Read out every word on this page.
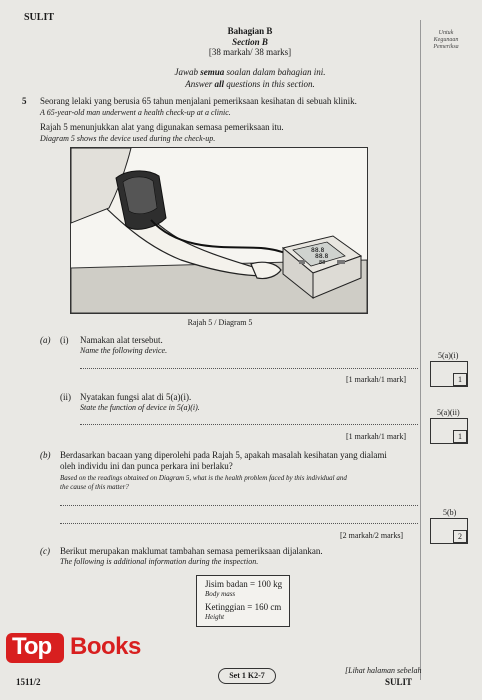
SULIT
Bahagian B
Section B
[38 markah/ 38 marks]
Jawab semua soalan dalam bahagian ini.
Answer all questions in this section.
Untuk
Kegunaan
Pemeriksa
5 Seorang lelaki yang berusia 65 tahun menjalani pemeriksaan kesihatan di sebuah klinik.
A 65-year-old man underwent a health check-up at a clinic.
Rajah 5 menunjukkan alat yang digunakan semasa pemeriksaan itu.
Diagram 5 shows the device used during the check-up.
88.8
88.8
88
Rajah 5 / Diagram 5
(a) (i) Namakan alat tersebut.
Name the following device.
[1 markah/1 mark]
5(a)(i)
1
(ii) Nyatakan fungsi alat di 5(a)(i).
State the function of device in 5(a)(i).
[1 markah/1 mark]
5(a)(ii)
1
(b) Berdasarkan bacaan yang diperolehi pada Rajah 5, apakah masalah kesihatan yang dialami
oleh individu ini dan punca perkara ini berlaku?
Based on the readings obtained on Diagram 5, what is the health problem faced by this individual and
the cause of this matter?
[2 markah/2 marks]
5(b)
2
(c) Berikut merupakan maklumat tambahan semasa pemeriksaan dijalankan.
The following is additional information during the inspection.
Jisim badan = 100 kg
Body mass
Ketinggian = 160 cm
Height
Top Books
1511/2
Set 1 K2-7
[Lihat halaman sebelah
SULIT
